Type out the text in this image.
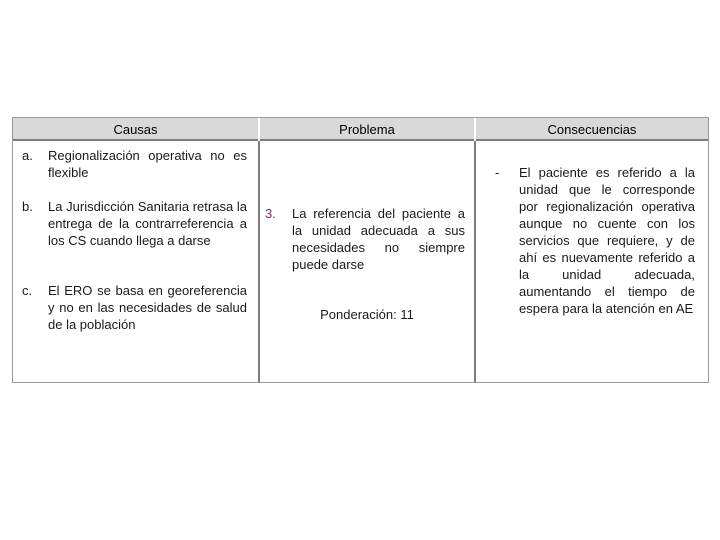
Causas	Problema	Consecuencias
a. Regionalización operativa no es flexible
b. La Jurisdicción Sanitaria retrasa la entrega de la contrarreferencia a los CS cuando llega a darse
c. El ERO se basa en georeferencia y no en las necesidades de salud de la población
3. La referencia del paciente a la unidad adecuada a sus necesidades no siempre puede darse
Ponderación: 11
- El paciente es referido a la unidad que le corresponde por regionalización operativa aunque no cuente con los servicios que requiere, y de ahí es nuevamente referido a la unidad adecuada, aumentando el tiempo de espera para la atención en AE
